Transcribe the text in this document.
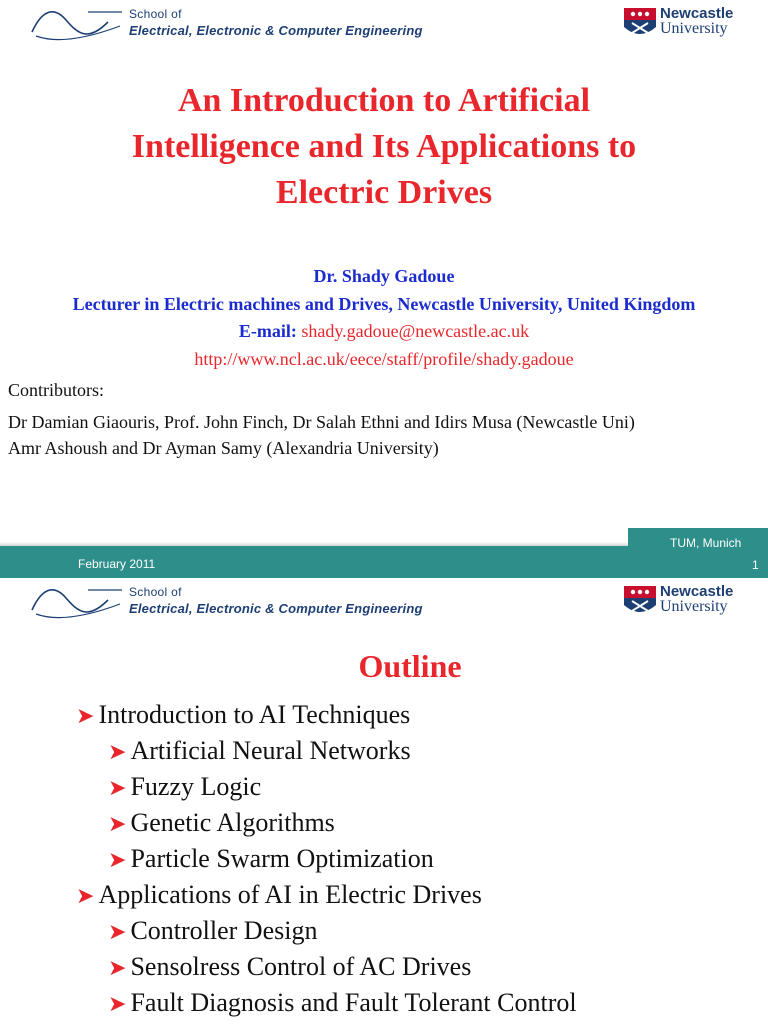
School of
Electrical, Electronic & Computer Engineering
Newcastle
University
An Introduction to Artificial
Intelligence and Its Applications to
Electric Drives
Dr. Shady Gadoue
Lecturer in Electric machines and Drives, Newcastle University, United Kingdom
E-mail: shady.gadoue@newcastle.ac.uk
http://www.ncl.ac.uk/eece/staff/profile/shady.gadoue
Contributors:
Dr Damian Giaouris, Prof. John Finch, Dr Salah Ethni and Idirs Musa (Newcastle Uni)
Amr Ashoush and Dr Ayman Samy (Alexandria University)
February 2011
TUM, Munich
1
School of
Electrical, Electronic & Computer Engineering
Newcastle
University
Outline
➤ Introduction to AI Techniques
➤ Artificial Neural Networks
➤ Fuzzy Logic
➤ Genetic Algorithms
➤ Particle Swarm Optimization
➤ Applications of AI in Electric Drives
➤ Controller Design
➤ Sensolress Control of AC Drives
➤ Fault Diagnosis and Fault Tolerant Control
